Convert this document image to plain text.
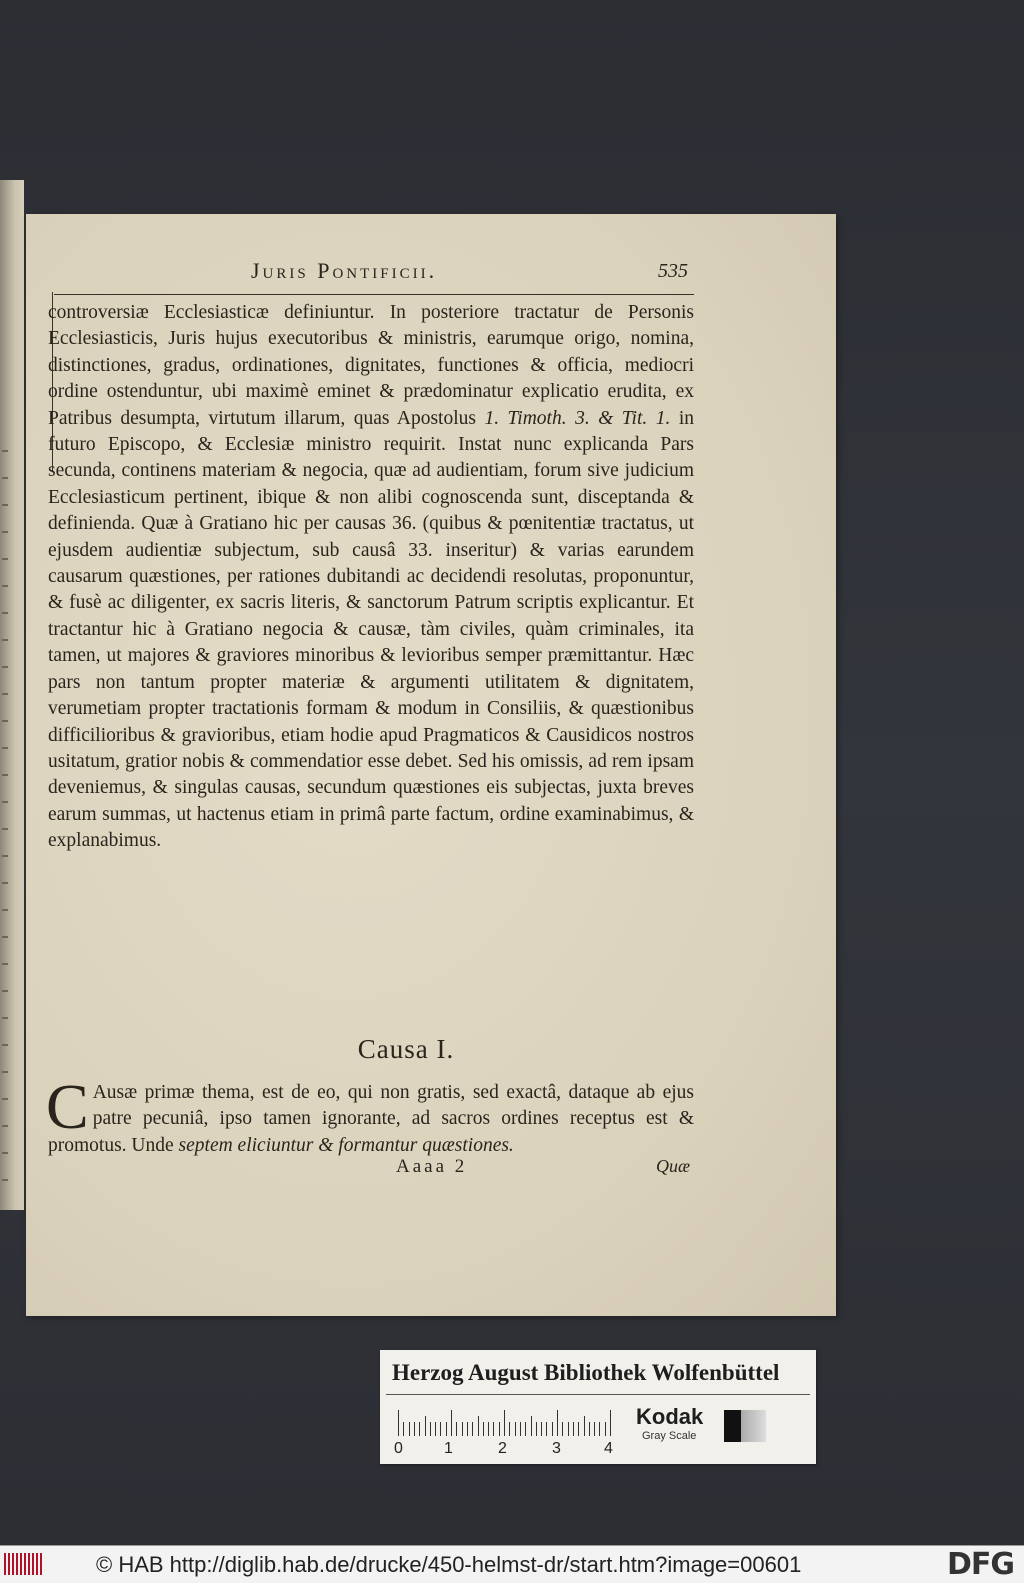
Juris Pontificii.	535

controversiæ Ecclesiasticæ definiuntur. In posteriore tractatur de Personis Ecclesiasticis, Juris hujus executoribus & ministris, earumque origo, nomina, distinctiones, gradus, ordinationes, dignitates, functiones & officia, mediocri ordine ostenduntur, ubi maximè eminet & prædominatur explicatio erudita, ex Patribus desumpta, virtutum illarum, quas Apostolus 1. Timoth. 3. & Tit. 1. in futuro Episcopo, & Ecclesiæ ministro requirit. Instat nunc explicanda Pars secunda, continens materiam & negocia, quæ ad audientiam, forum sive judicium Ecclesiasticum pertinent, ibique & non alibi cognoscenda sunt, disceptanda & definienda. Quæ à Gratiano hic per causas 36. (quibus & pœnitentiæ tractatus, ut ejusdem audientiæ subjectum, sub causâ 33. inseritur) & varias earundem causarum quæstiones, per rationes dubitandi ac decidendi resolutas, proponuntur, & fusè ac diligenter, ex sacris literis, & sanctorum Patrum scriptis explicantur. Et tractantur hic à Gratiano negocia & causæ, tàm civiles, quàm criminales, ita tamen, ut majores & graviores minoribus & levioribus semper præmittantur. Hæc pars non tantum propter materiæ & argumenti utilitatem & dignitatem, verumetiam propter tractationis formam & modum in Consiliis, & quæstionibus difficilioribus & gravioribus, etiam hodie apud Pragmaticos & Causidicos nostros usitatum, gratior nobis & commendatior esse debet. Sed his omissis, ad rem ipsam deveniemus, & singulas causas, secundum quæstiones eis subjectas, juxta breves earum summas, ut hactenus etiam in primâ parte factum, ordine examinabimus, & explanabimus.

Causa I.

C Ausæ primæ thema, est de eo, qui non gratis, sed exactâ, dataque ab ejus patre pecuniâ, ipso tamen ignorante, ad sacros ordines receptus est & promotus. Unde septem eliciuntur & formantur quæstiones.

Aaaa 2	Quæ
Herzog August Bibliothek Wolfenbüttel
0	1	2	3	4
Kodak
Gray Scale
© HAB http://diglib.hab.de/drucke/450-helmst-dr/start.htm?image=00601	DFG
